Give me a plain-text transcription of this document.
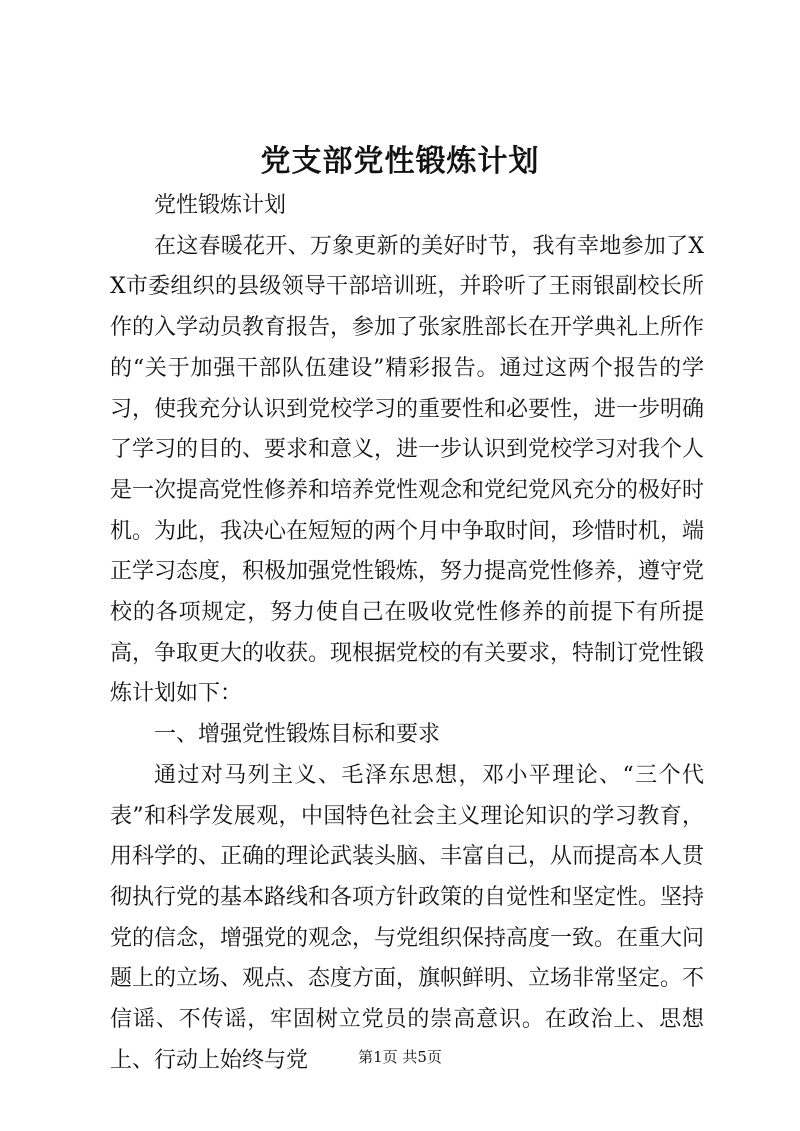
党支部党性锻炼计划

党性锻炼计划

在这春暖花开、万象更新的美好时节，我有幸地参加了XX市委组织的县级领导干部培训班，并聆听了王雨银副校长所作的入学动员教育报告，参加了张家胜部长在开学典礼上所作的“关于加强干部队伍建设”精彩报告。通过这两个报告的学习，使我充分认识到党校学习的重要性和必要性，进一步明确了学习的目的、要求和意义，进一步认识到党校学习对我个人是一次提高党性修养和培养党性观念和党纪党风充分的极好时机。为此，我决心在短短的两个月中争取时间，珍惜时机，端正学习态度，积极加强党性锻炼，努力提高党性修养，遵守党校的各项规定，努力使自己在吸收党性修养的前提下有所提高，争取更大的收获。现根据党校的有关要求，特制订党性锻炼计划如下：

一、增强党性锻炼目标和要求

通过对马列主义、毛泽东思想，邓小平理论、“三个代表”和科学发展观，中国特色社会主义理论知识的学习教育，用科学的、正确的理论武装头脑、丰富自己，从而提高本人贯彻执行党的基本路线和各项方针政策的自觉性和坚定性。坚持党的信念，增强党的观念，与党组织保持高度一致。在重大问题上的立场、观点、态度方面，旗帜鲜明、立场非常坚定。不信谣、不传谣，牢固树立党员的崇高意识。在政治上、思想上、行动上始终与党	第1页 共5页
